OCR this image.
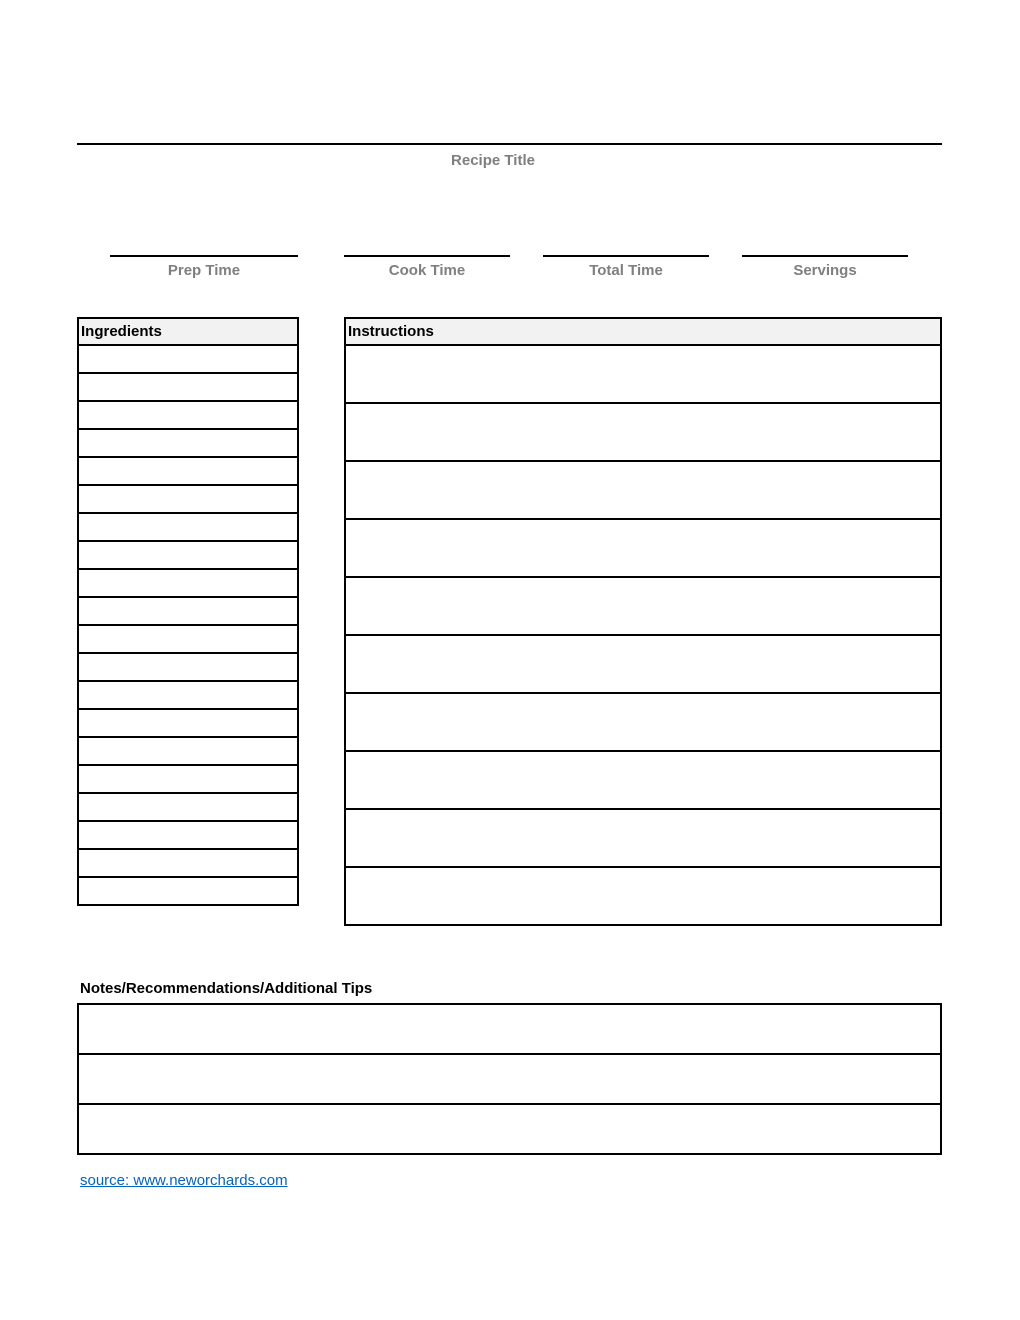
Recipe Title
Prep Time	Cook Time	Total Time	Servings
Ingredients	Instructions

Notes/Recommendations/Additional Tips

source: www.neworchards.com
